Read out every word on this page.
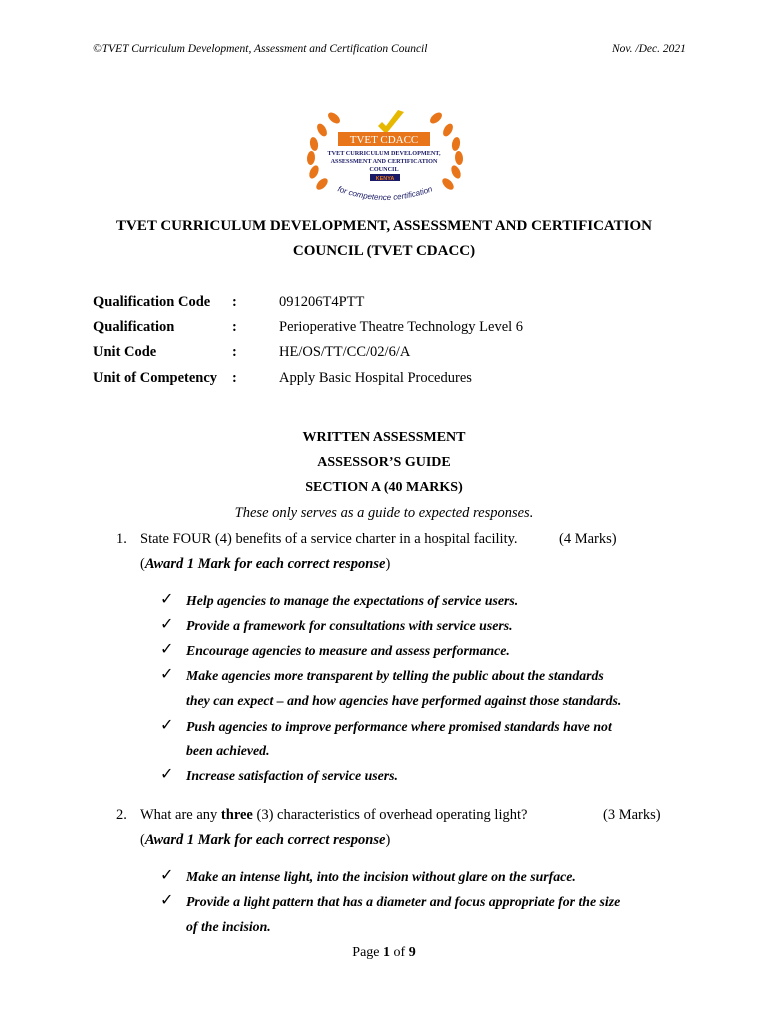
©TVET Curriculum Development, Assessment and Certification Council	Nov. /Dec. 2021
TVET CDACC
TVET CURRICULUM DEVELOPMENT,
ASSESSMENT AND CERTIFICATION
COUNCIL
KENYA
for competence certification
TVET CURRICULUM DEVELOPMENT, ASSESSMENT AND CERTIFICATION
COUNCIL (TVET CDACC)
Qualification Code	:	091206T4PTT
Qualification	:	Perioperative Theatre Technology Level 6
Unit Code	:	HE/OS/TT/CC/02/6/A
Unit of Competency	:	Apply Basic Hospital Procedures
WRITTEN ASSESSMENT
ASSESSOR’S GUIDE
SECTION A (40 MARKS)
These only serves as a guide to expected responses.
1. State FOUR (4) benefits of a service charter in a hospital facility.	(4 Marks)
(Award 1 Mark for each correct response)
✓ Help agencies to manage the expectations of service users.
✓ Provide a framework for consultations with service users.
✓ Encourage agencies to measure and assess performance.
✓ Make agencies more transparent by telling the public about the standards
they can expect – and how agencies have performed against those standards.
✓ Push agencies to improve performance where promised standards have not
been achieved.
✓ Increase satisfaction of service users.
2. What are any three (3) characteristics of overhead operating light?	(3 Marks)
(Award 1 Mark for each correct response)
✓ Make an intense light, into the incision without glare on the surface.
✓ Provide a light pattern that has a diameter and focus appropriate for the size
of the incision.
Page 1 of 9
